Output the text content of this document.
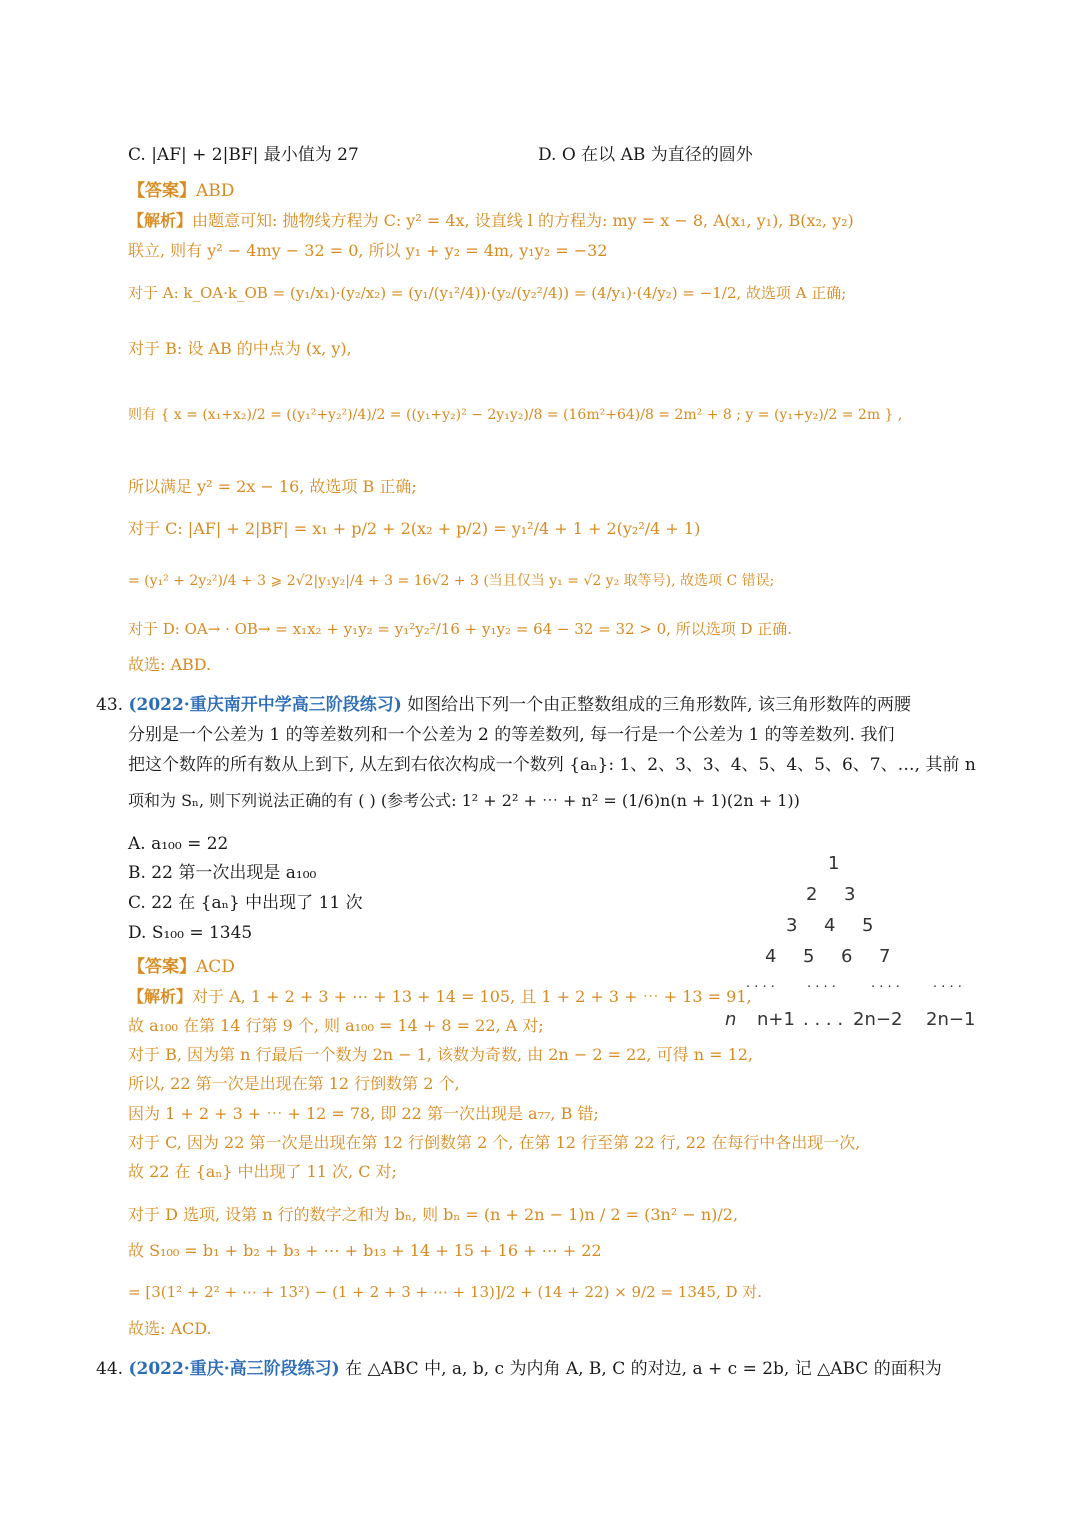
C. |AF| + 2|BF| 最小值为 27	D. O 在以 AB 为直径的圆外
【答案】ABD
【解析】由题意可知: 抛物线方程为 C: y² = 4x, 设直线 l 的方程为: my = x − 8, A(x₁, y₁), B(x₂, y₂)
联立, 则有 y² − 4my − 32 = 0, 所以 y₁ + y₂ = 4m, y₁y₂ = −32
对于 A: k_OA·k_OB = (y₁/x₁)·(y₂/x₂) = (y₁/(y₁²/4))·(y₂/(y₂²/4)) = (4/y₁)·(4/y₂) = −1/2, 故选项 A 正确;
对于 B: 设 AB 的中点为 (x, y),
则有 { x = (x₁+x₂)/2 = ((y₁²+y₂²)/4)/2 = ((y₁+y₂)² − 2y₁y₂)/8 = (16m²+64)/8 = 2m² + 8 ; y = (y₁+y₂)/2 = 2m } ,
所以满足 y² = 2x − 16, 故选项 B 正确;
对于 C: |AF| + 2|BF| = x₁ + p/2 + 2(x₂ + p/2) = y₁²/4 + 1 + 2(y₂²/4 + 1)
= (y₁² + 2y₂²)/4 + 3 ⩾ 2√2|y₁y₂|/4 + 3 = 16√2 + 3 (当且仅当 y₁ = √2 y₂ 取等号), 故选项 C 错误;
对于 D: OA→ · OB→ = x₁x₂ + y₁y₂ = y₁²y₂²/16 + y₁y₂ = 64 − 32 = 32 > 0, 所以选项 D 正确.
故选: ABD.
43. (2022·重庆南开中学高三阶段练习) 如图给出下列一个由正整数组成的三角形数阵, 该三角形数阵的两腰
分别是一个公差为 1 的等差数列和一个公差为 2 的等差数列, 每一行是一个公差为 1 的等差数列. 我们
把这个数阵的所有数从上到下, 从左到右依次构成一个数列 {aₙ}: 1、2、3、3、4、5、4、5、6、7、…, 其前 n
项和为 Sₙ, 则下列说法正确的有 ( ) (参考公式: 1² + 2² + ⋯ + n² = (1/6)n(n + 1)(2n + 1))
A. a₁₀₀ = 22
B. 22 第一次出现是 a₁₀₀
C. 22 在 {aₙ} 中出现了 11 次
D. S₁₀₀ = 1345
1
2 3
3 4 5
4 5 6 7
· · · · · · · ·	· · · ·	· · · ·
n n+1 . . . . 2n−2 2n−1
【答案】ACD
【解析】对于 A, 1 + 2 + 3 + ⋯ + 13 + 14 = 105, 且 1 + 2 + 3 + ⋯ + 13 = 91,
故 a₁₀₀ 在第 14 行第 9 个, 则 a₁₀₀ = 14 + 8 = 22, A 对;
对于 B, 因为第 n 行最后一个数为 2n − 1, 该数为奇数, 由 2n − 2 = 22, 可得 n = 12,
所以, 22 第一次是出现在第 12 行倒数第 2 个,
因为 1 + 2 + 3 + ⋯ + 12 = 78, 即 22 第一次出现是 a₇₇, B 错;
对于 C, 因为 22 第一次是出现在第 12 行倒数第 2 个, 在第 12 行至第 22 行, 22 在每行中各出现一次,
故 22 在 {aₙ} 中出现了 11 次, C 对;
对于 D 选项, 设第 n 行的数字之和为 bₙ, 则 bₙ = (n + 2n − 1)n / 2 = (3n² − n)/2,
故 S₁₀₀ = b₁ + b₂ + b₃ + ⋯ + b₁₃ + 14 + 15 + 16 + ⋯ + 22
= [3(1² + 2² + ⋯ + 13²) − (1 + 2 + 3 + ⋯ + 13)]/2 + (14 + 22) × 9/2 = 1345, D 对.
故选: ACD.
44. (2022·重庆·高三阶段练习) 在 △ABC 中, a, b, c 为内角 A, B, C 的对边, a + c = 2b, 记 △ABC 的面积为
